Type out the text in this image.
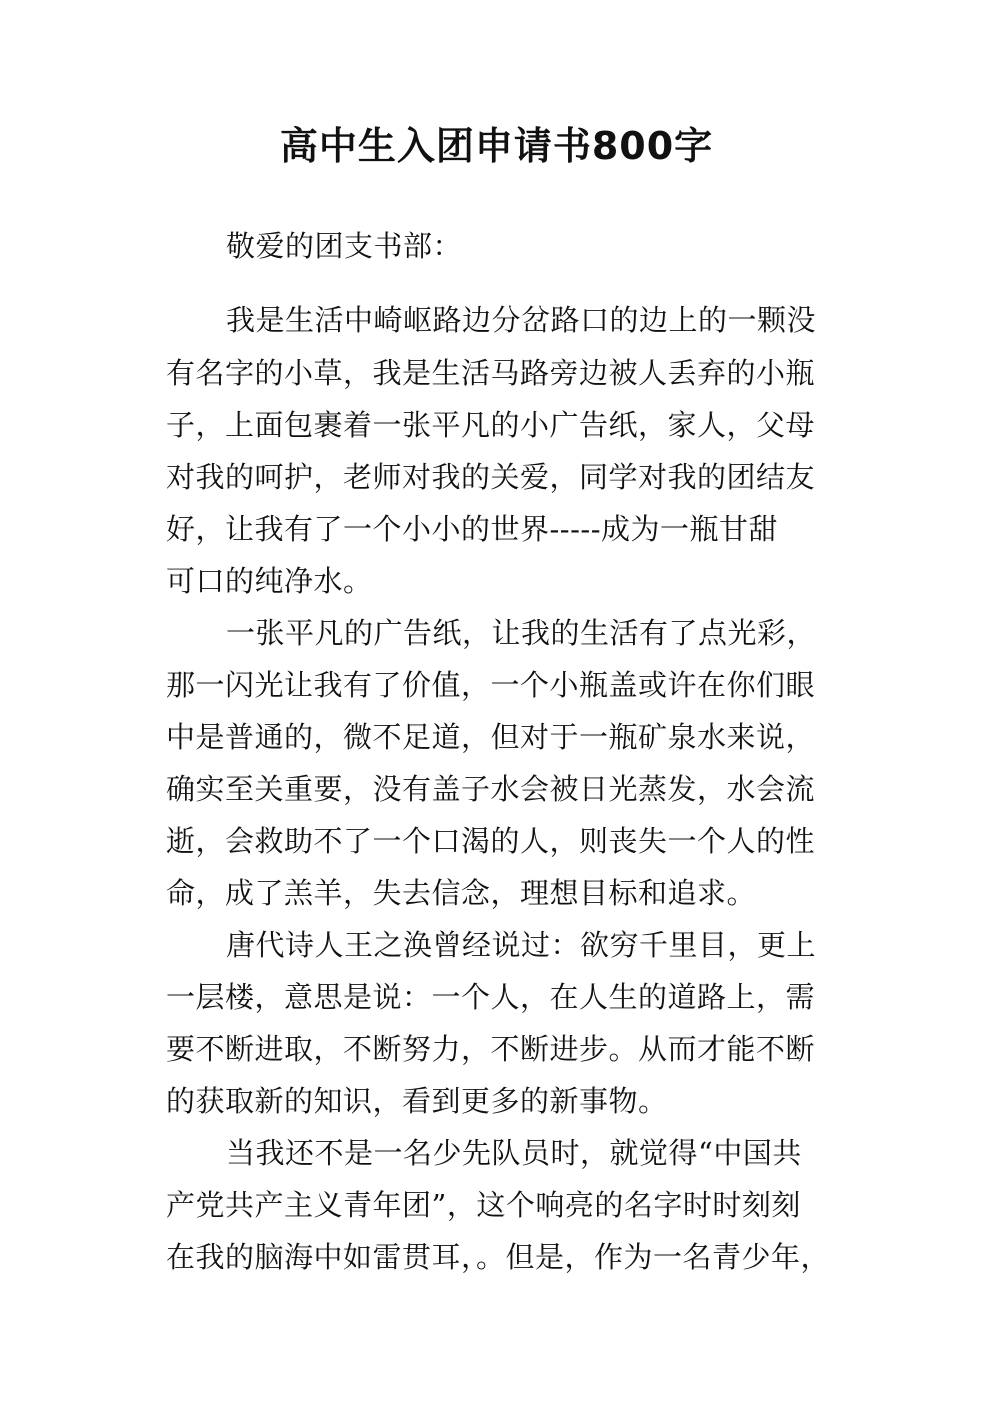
高中生入团申请书800字
敬爱的团支书部：
我是生活中崎岖路边分岔路口的边上的一颗没
有名字的小草，我是生活马路旁边被人丢弃的小瓶
子，上面包裹着一张平凡的小广告纸，家人，父母
对我的呵护，老师对我的关爱，同学对我的团结友
好，让我有了一个小小的世界-----成为一瓶甘甜
可口的纯净水。
一张平凡的广告纸，让我的生活有了点光彩，
那一闪光让我有了价值，一个小瓶盖或许在你们眼
中是普通的，微不足道，但对于一瓶矿泉水来说，
确实至关重要，没有盖子水会被日光蒸发，水会流
逝，会救助不了一个口渴的人，则丧失一个人的性
命，成了羔羊，失去信念，理想目标和追求。
唐代诗人王之涣曾经说过：欲穷千里目，更上
一层楼，意思是说：一个人，在人生的道路上，需
要不断进取，不断努力，不断进步。从而才能不断
的获取新的知识，看到更多的新事物。
当我还不是一名少先队员时，就觉得“中国共
产党共产主义青年团”，这个响亮的名字时时刻刻
在我的脑海中如雷贯耳，。但是，作为一名青少年，
